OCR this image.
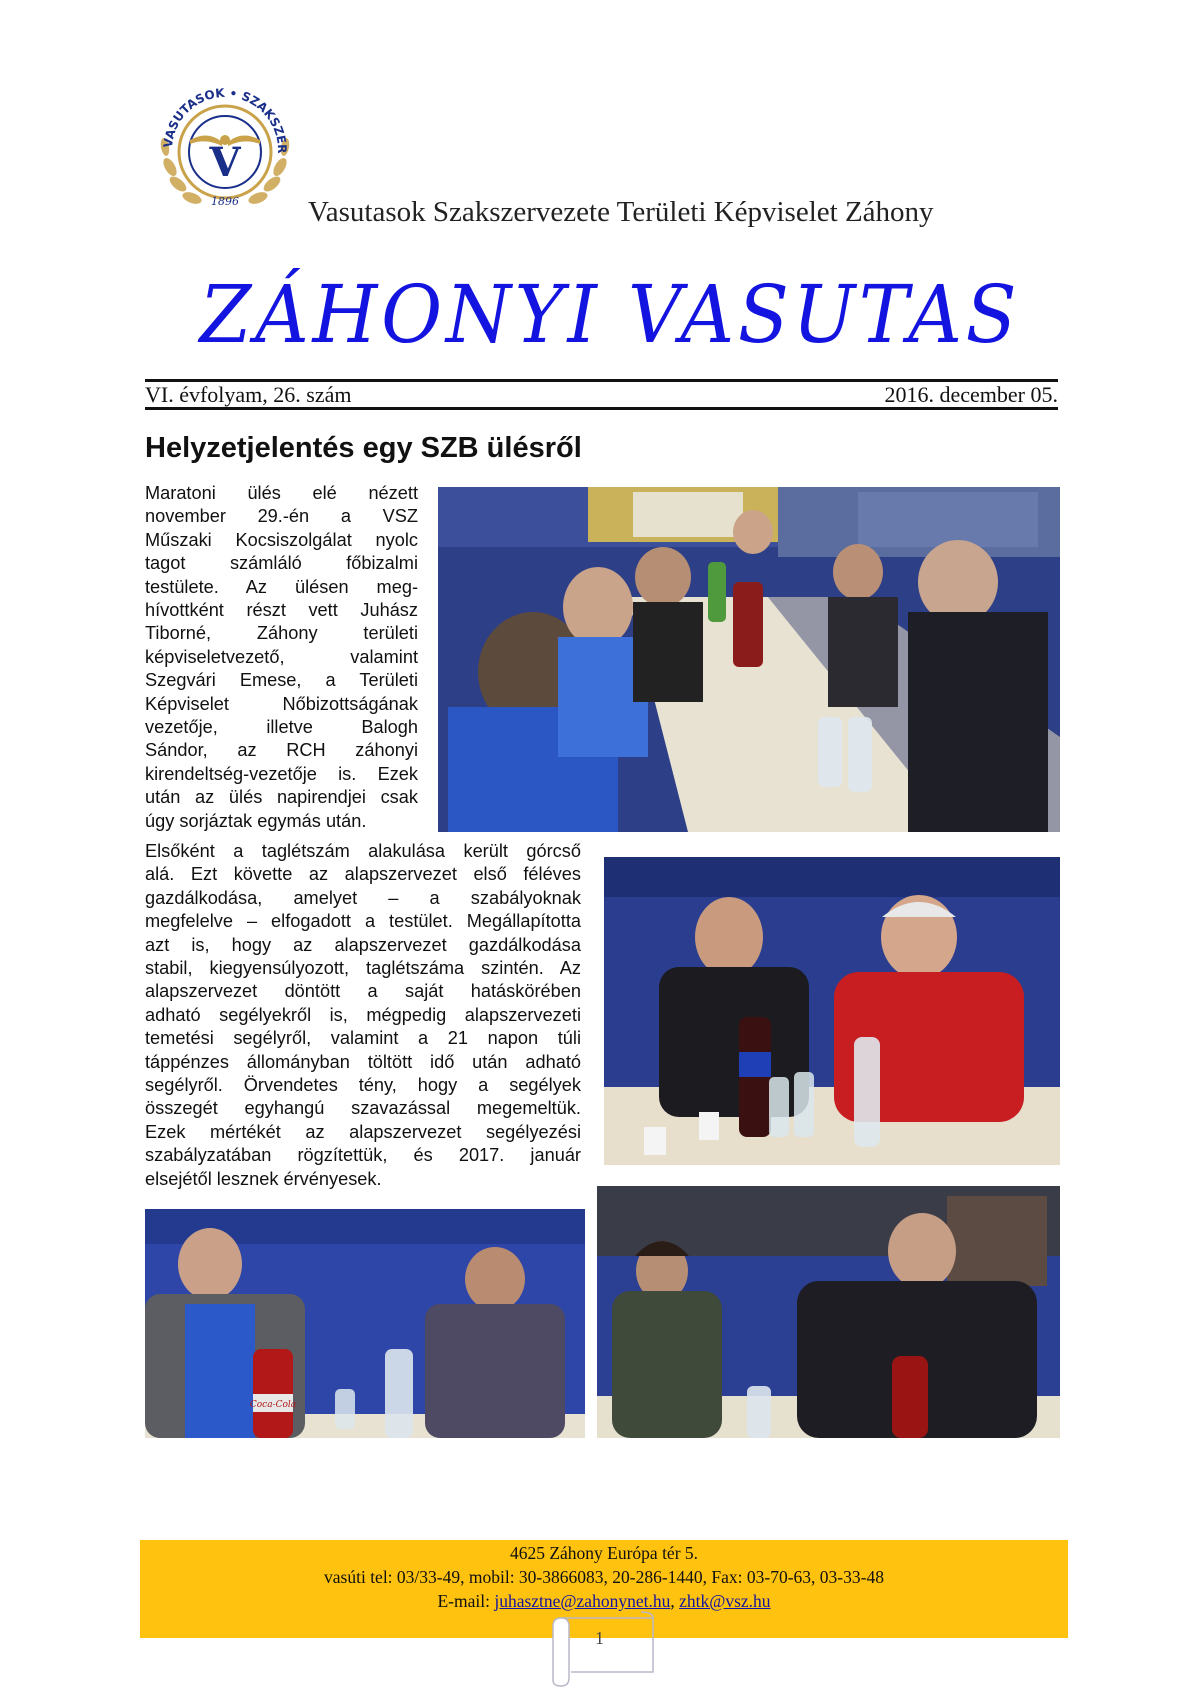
VASUTASOK • SZAKSZER
V
1896 Vasutasok Szakszervezete Területi Képviselet Záhony
ZÁHONYI VASUTAS
VI. évfolyam, 26. szám	2016. december 05.
Helyzetjelentés egy SZB ülésről
Maratoni ülés elé nézett
november 29.-én a VSZ
Műszaki Kocsiszolgálat nyolc
tagot számláló főbizalmi
testülete. Az ülésen meg-
hívottként részt vett Juhász
Tiborné, Záhony területi
képviseletvezető, valamint
Szegvári Emese, a Területi
Képviselet Nőbizottságának
vezetője, illetve Balogh
Sándor, az RCH záhonyi
kirendeltség-vezetője is. Ezek
után az ülés napirendjei csak
úgy sorjáztak egymás után.
Elsőként a taglétszám alakulása került górcső
alá. Ezt követte az alapszervezet első féléves
gazdálkodása, amelyet – a szabályoknak
megfelelve – elfogadott a testület. Megállapította
azt is, hogy az alapszervezet gazdálkodása
stabil, kiegyensúlyozott, taglétszáma szintén. Az
alapszervezet döntött a saját hatáskörében
adható segélyekről is, mégpedig alapszervezeti
temetési segélyről, valamint a 21 napon túli
táppénzes állományban töltött idő után adható
segélyről. Örvendetes tény, hogy a segélyek
összegét egyhangú szavazással megemeltük.
Ezek mértékét az alapszervezet segélyezési
szabályzatában rögzítettük, és 2017. január
elsejétől lesznek érvényesek.
Coca-Cola
4625 Záhony Európa tér 5.
vasúti tel: 03/33-49, mobil: 30-3866083, 20-286-1440, Fax: 03-70-63, 03-33-48
E-mail: juhasztne@zahonynet.hu, zhtk@vsz.hu
1
